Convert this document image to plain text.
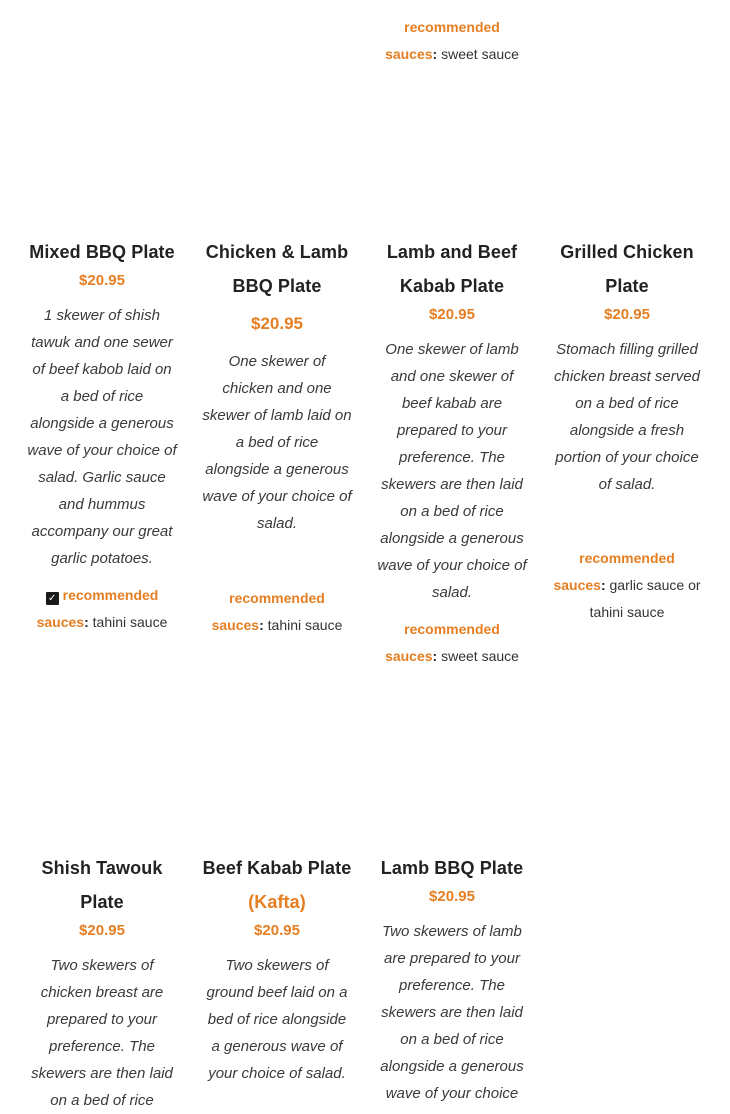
recommended sauces: sweet sauce

Mixed BBQ Plate

$20.95

1 skewer of shish tawuk and one sewer of beef kabob laid on a bed of rice alongside a generous wave of your choice of salad. Garlic sauce and hummus accompany our great garlic potatoes.

✓ recommended sauces: tahini sauce

Chicken & Lamb BBQ Plate

$20.95

One skewer of chicken and one skewer of lamb laid on a bed of rice alongside a generous wave of your choice of salad.

recommended sauces: tahini sauce

Lamb and Beef Kabab Plate

$20.95

One skewer of lamb and one skewer of beef kabab are prepared to your preference. The skewers are then laid on a bed of rice alongside a generous wave of your choice of salad.

recommended sauces: sweet sauce

Grilled Chicken Plate

$20.95

Stomach filling grilled chicken breast served on a bed of rice alongside a fresh portion of your choice of salad.

recommended sauces: garlic sauce or tahini sauce

Shish Tawouk Plate

$20.95

Two skewers of chicken breast are prepared to your preference. The skewers are then laid on a bed of rice

Beef Kabab Plate (Kafta)

$20.95

Two skewers of ground beef laid on a bed of rice alongside a generous wave of your choice of salad.

Lamb BBQ Plate

$20.95

Two skewers of lamb are prepared to your preference. The skewers are then laid on a bed of rice alongside a generous wave of your choice
